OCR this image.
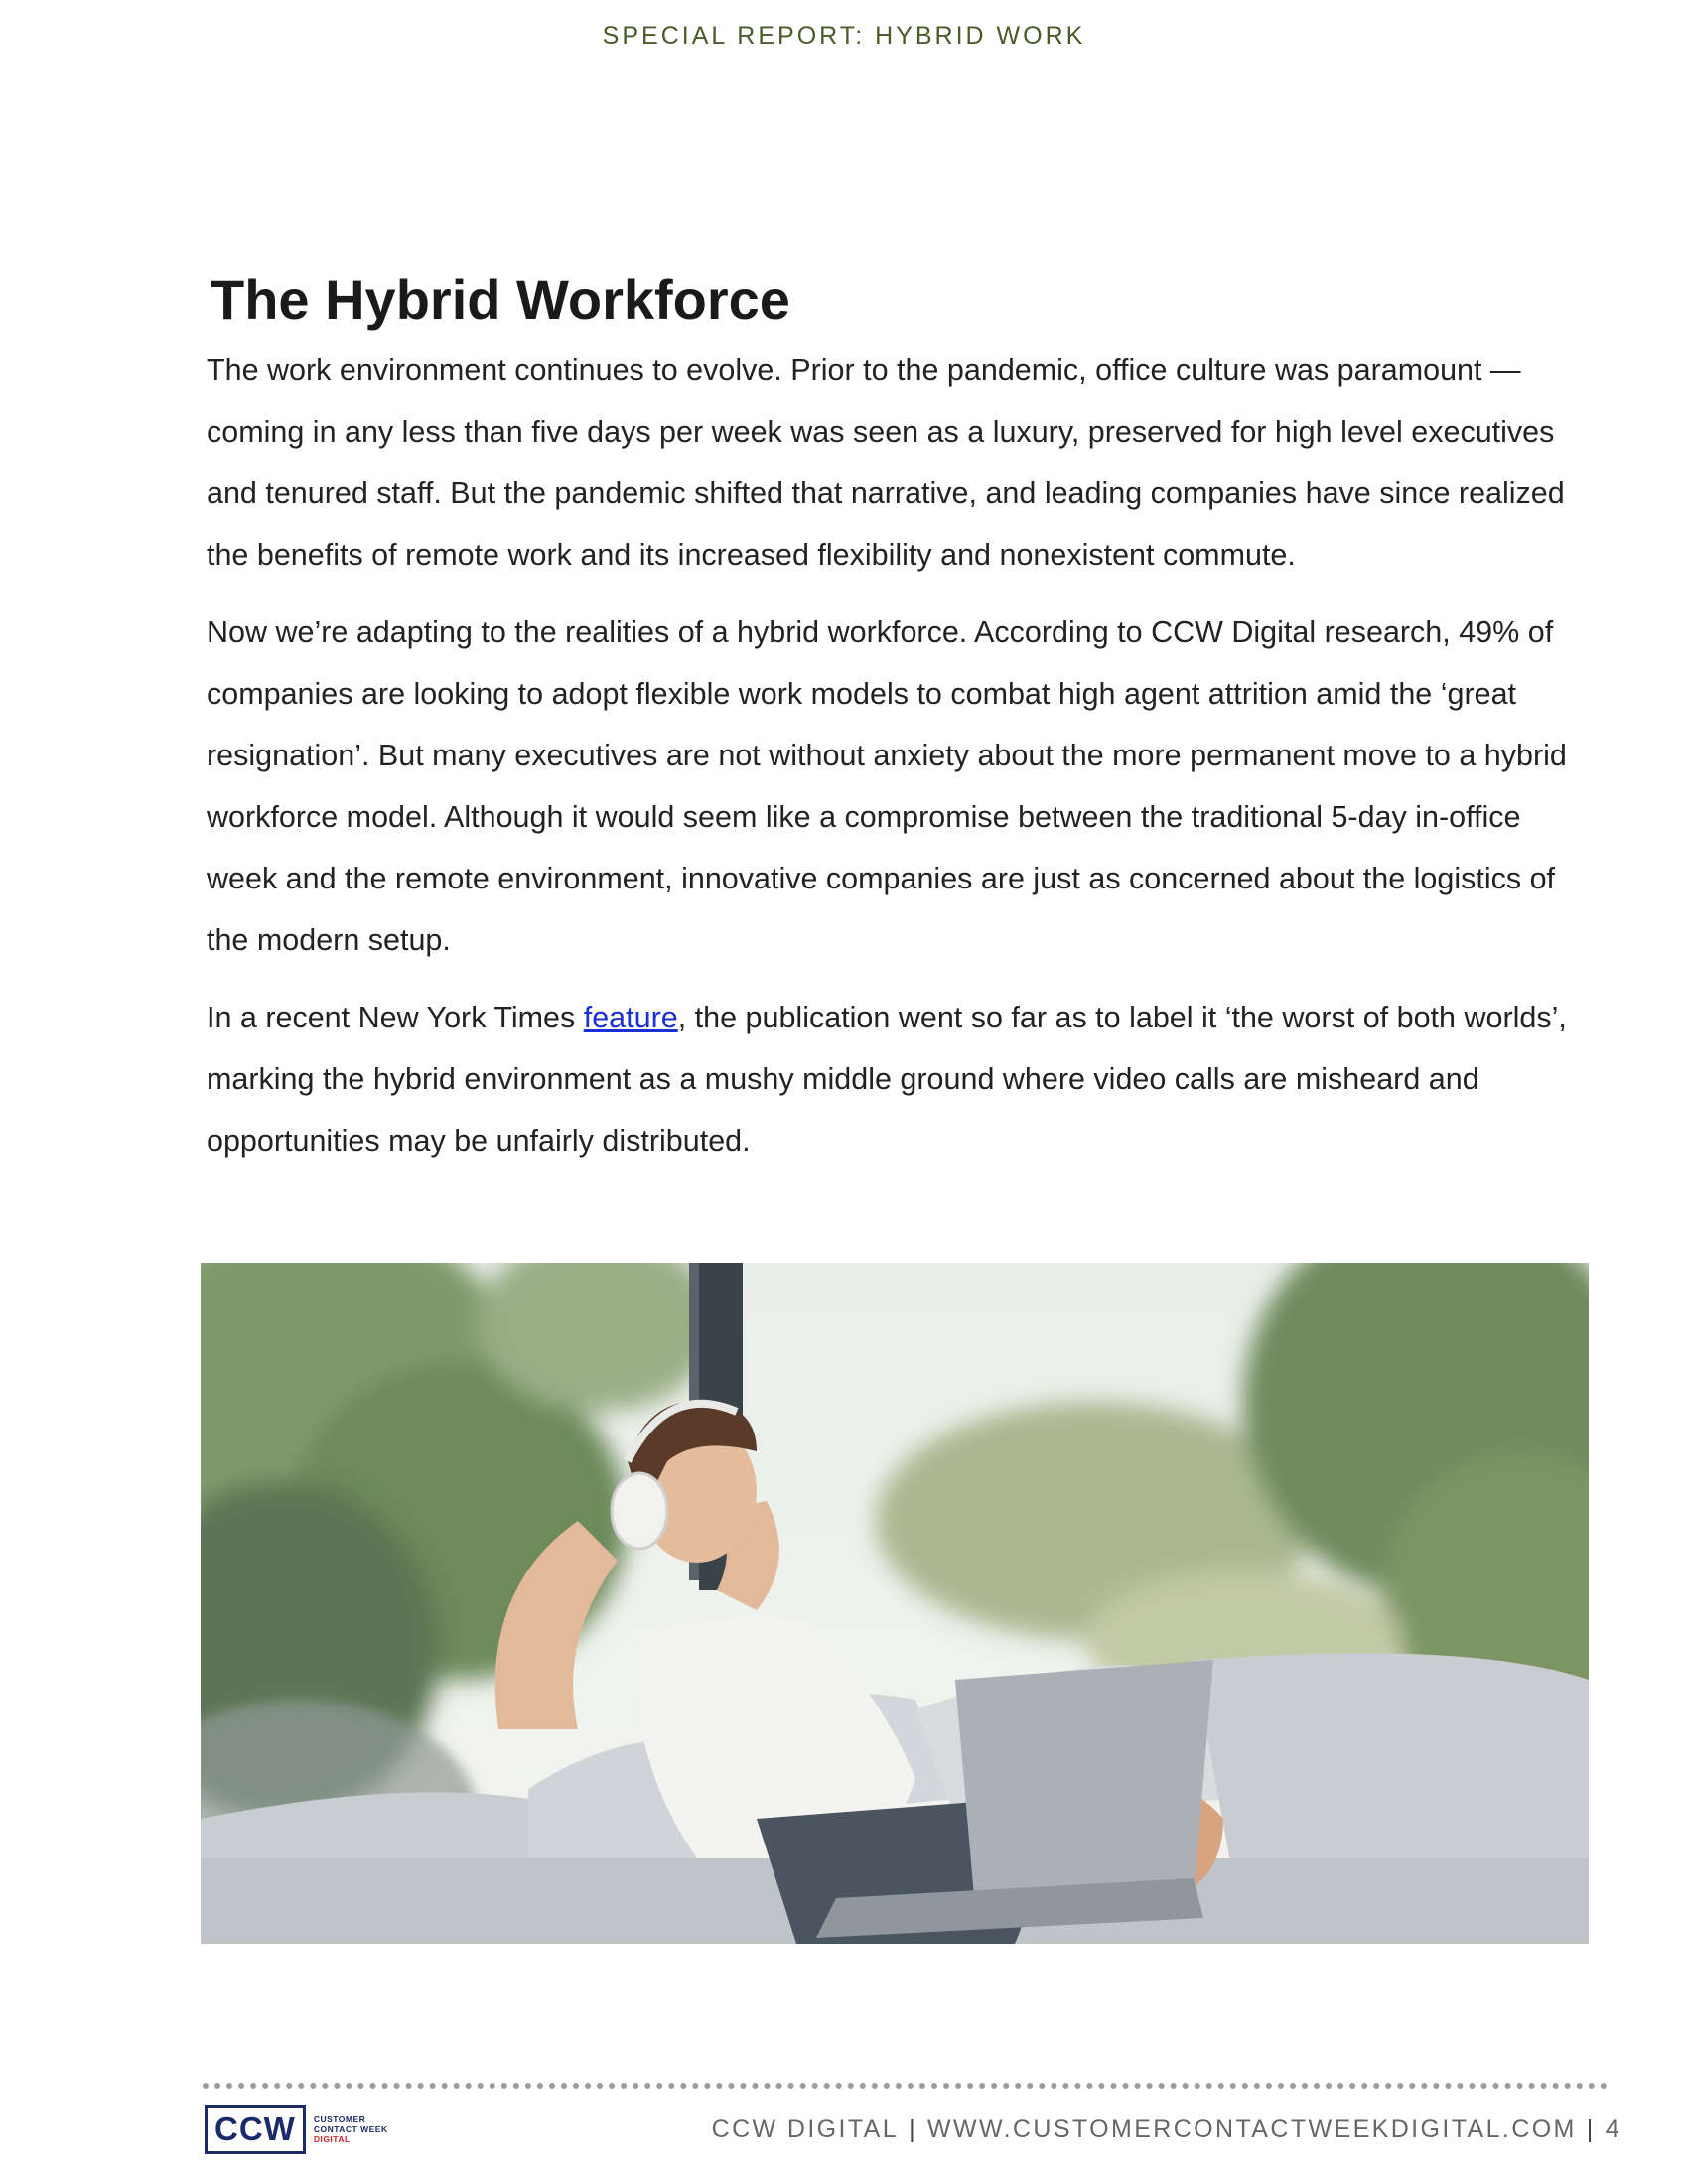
SPECIAL REPORT: HYBRID WORK
The Hybrid Workforce

The work environment continues to evolve. Prior to the pandemic, office culture was paramount — coming in any less than five days per week was seen as a luxury, preserved for high level executives and tenured staff. But the pandemic shifted that narrative, and leading companies have since realized the benefits of remote work and its increased flexibility and nonexistent commute.

Now we’re adapting to the realities of a hybrid workforce. According to CCW Digital research, 49% of companies are looking to adopt flexible work models to combat high agent attrition amid the ‘great resignation’. But many executives are not without anxiety about the more permanent move to a hybrid workforce model. Although it would seem like a compromise between the traditional 5-day in-office week and the remote environment, innovative companies are just as concerned about the logistics of the modern setup.

In a recent New York Times feature, the publication went so far as to label it ‘the worst of both worlds’, marking the hybrid environment as a mushy middle ground where video calls are misheard and opportunities may be unfairly distributed.

CCW	CUSTOMER
CONTACT WEEK
DIGITAL	CCW DIGITAL | WWW.CUSTOMERCONTACTWEEKDIGITAL.COM | 4
